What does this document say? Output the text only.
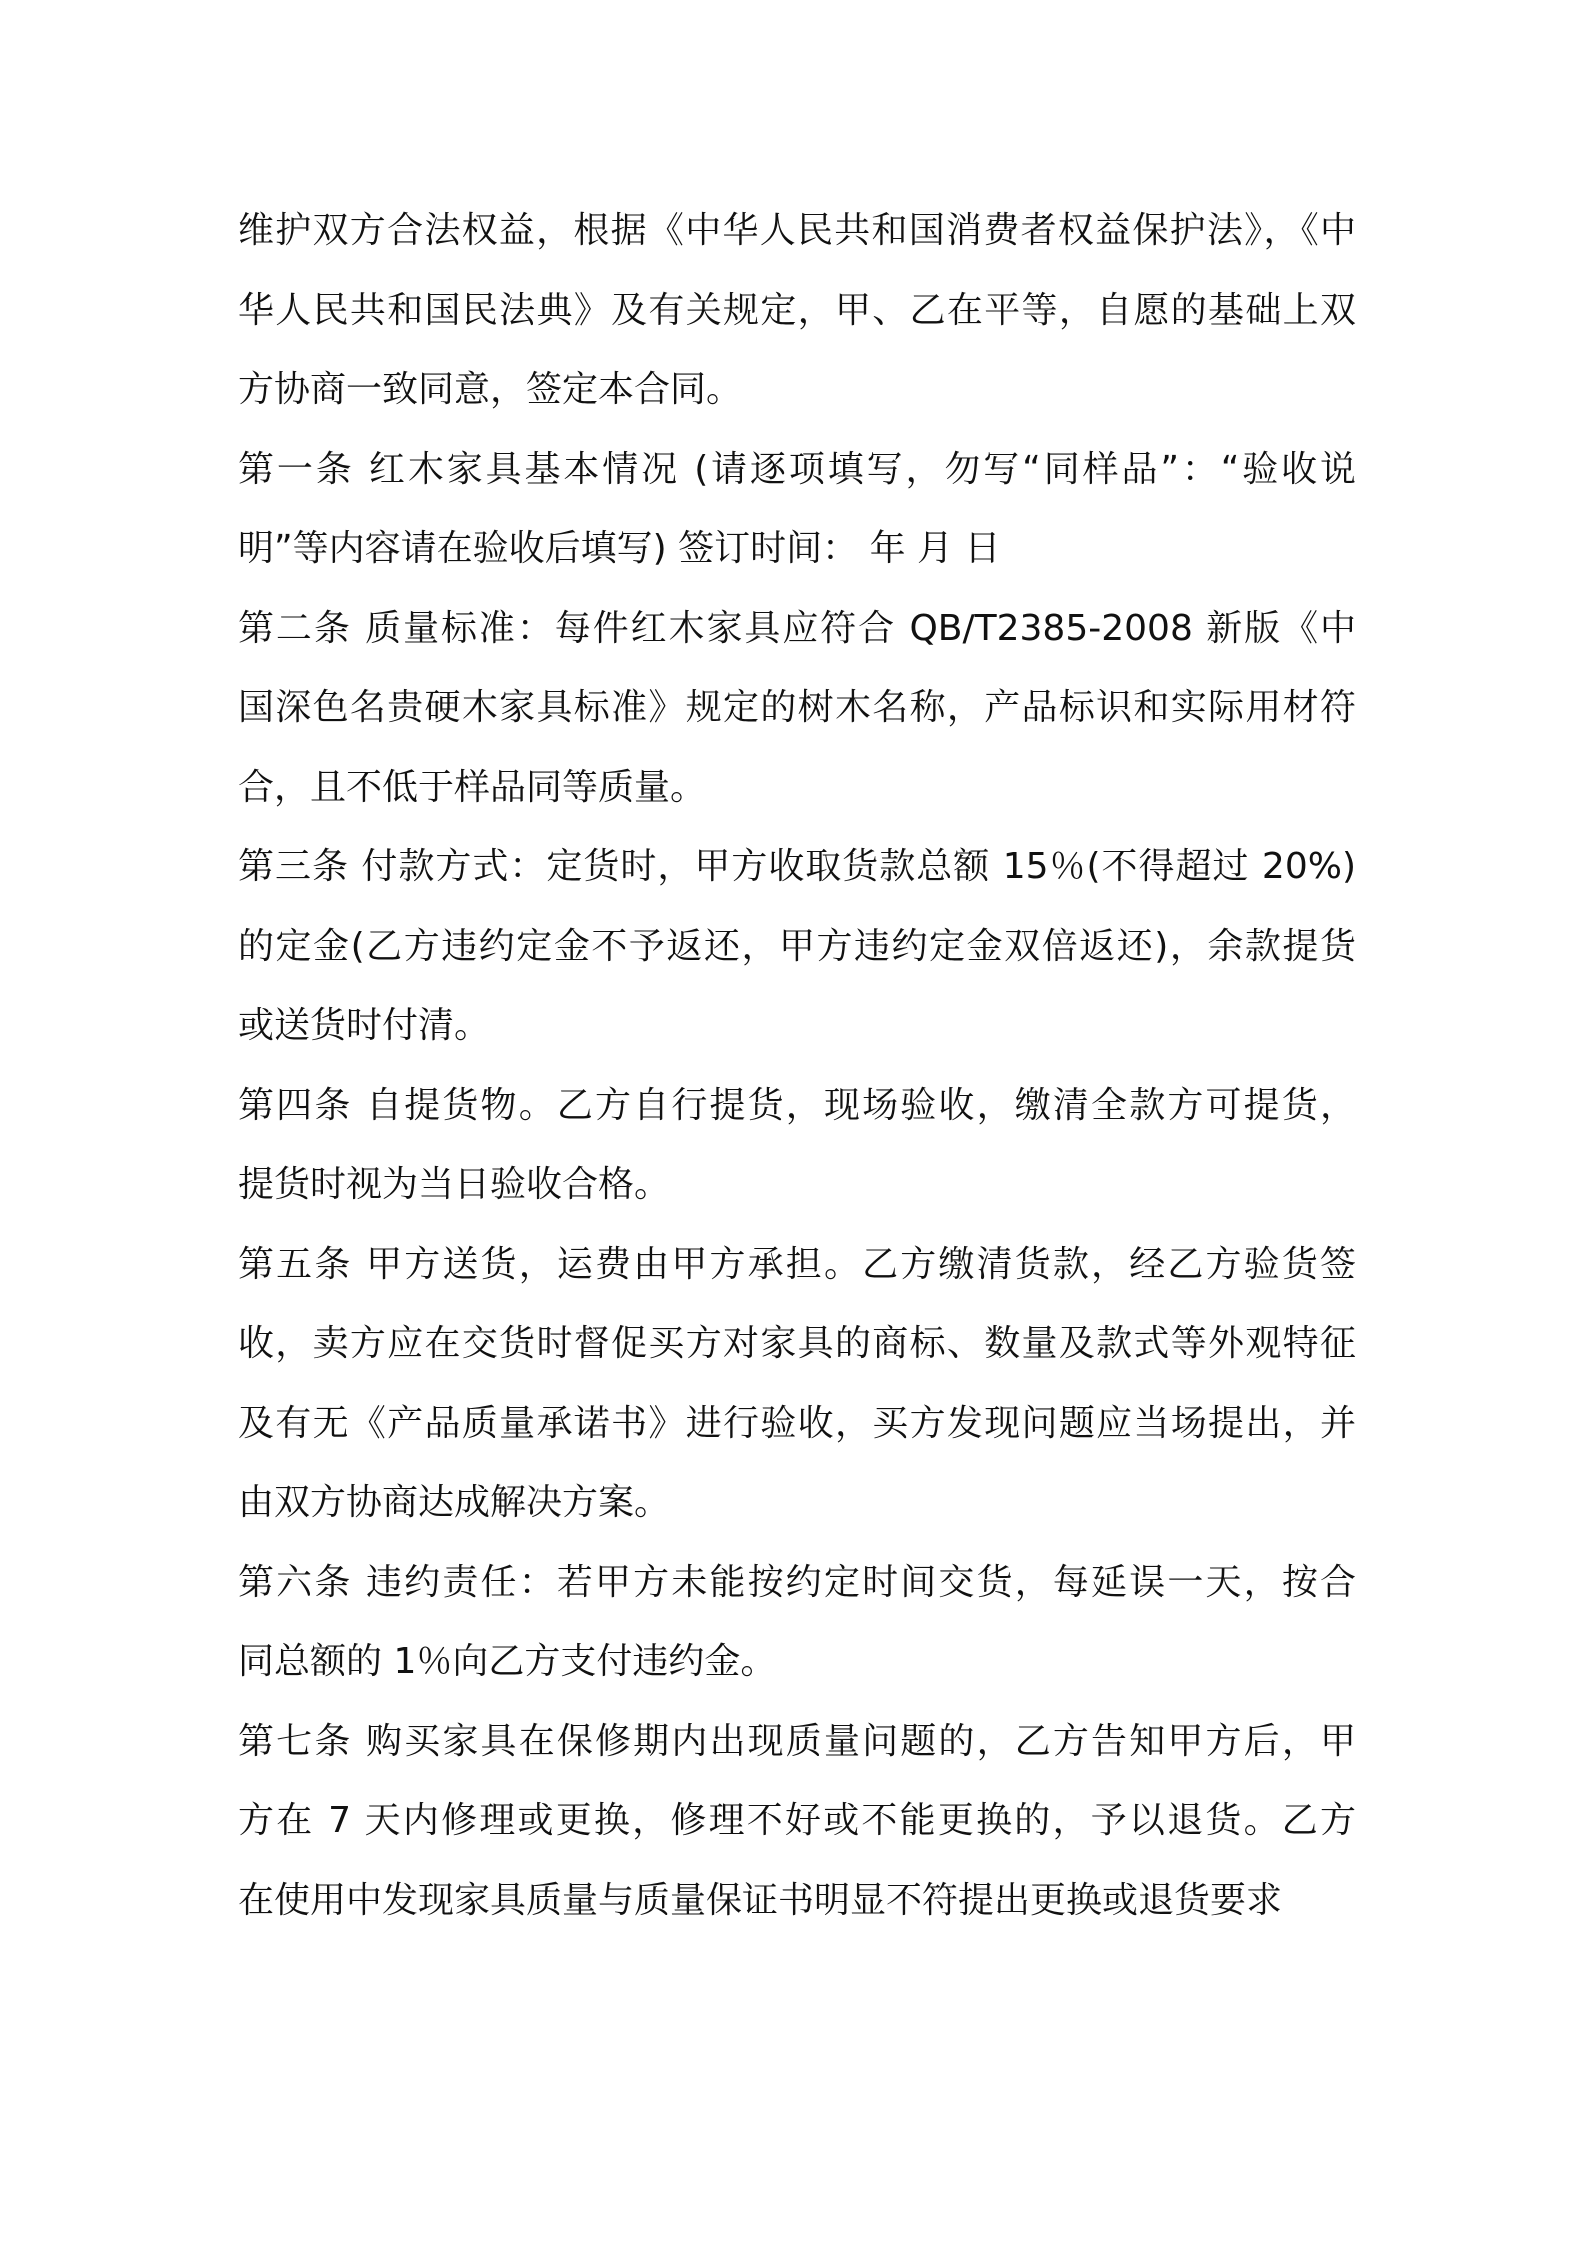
维护双方合法权益，根据《中华人民共和国消费者权益保护法》，《中
华人民共和国民法典》及有关规定，甲、乙在平等，自愿的基础上双
方协商一致同意，签定本合同。
第一条 红木家具基本情况 (请逐项填写，勿写“同样品”：“验收说
明”等内容请在验收后填写) 签订时间： 年 月 日
第二条 质量标准：每件红木家具应符合 QB/T2385-2008 新版《中
国深色名贵硬木家具标准》规定的树木名称，产品标识和实际用材符
合，且不低于样品同等质量。
第三条 付款方式：定货时，甲方收取货款总额 15％(不得超过 20%)
的定金(乙方违约定金不予返还，甲方违约定金双倍返还)，余款提货
或送货时付清。
第四条 自提货物。乙方自行提货，现场验收，缴清全款方可提货，
提货时视为当日验收合格。
第五条 甲方送货，运费由甲方承担。乙方缴清货款，经乙方验货签
收，卖方应在交货时督促买方对家具的商标、数量及款式等外观特征
及有无《产品质量承诺书》进行验收，买方发现问题应当场提出，并
由双方协商达成解决方案。
第六条 违约责任：若甲方未能按约定时间交货，每延误一天，按合
同总额的 1％向乙方支付违约金。
第七条 购买家具在保修期内出现质量问题的，乙方告知甲方后，甲
方在 7 天内修理或更换，修理不好或不能更换的，予以退货。乙方
在使用中发现家具质量与质量保证书明显不符提出更换或退货要求
